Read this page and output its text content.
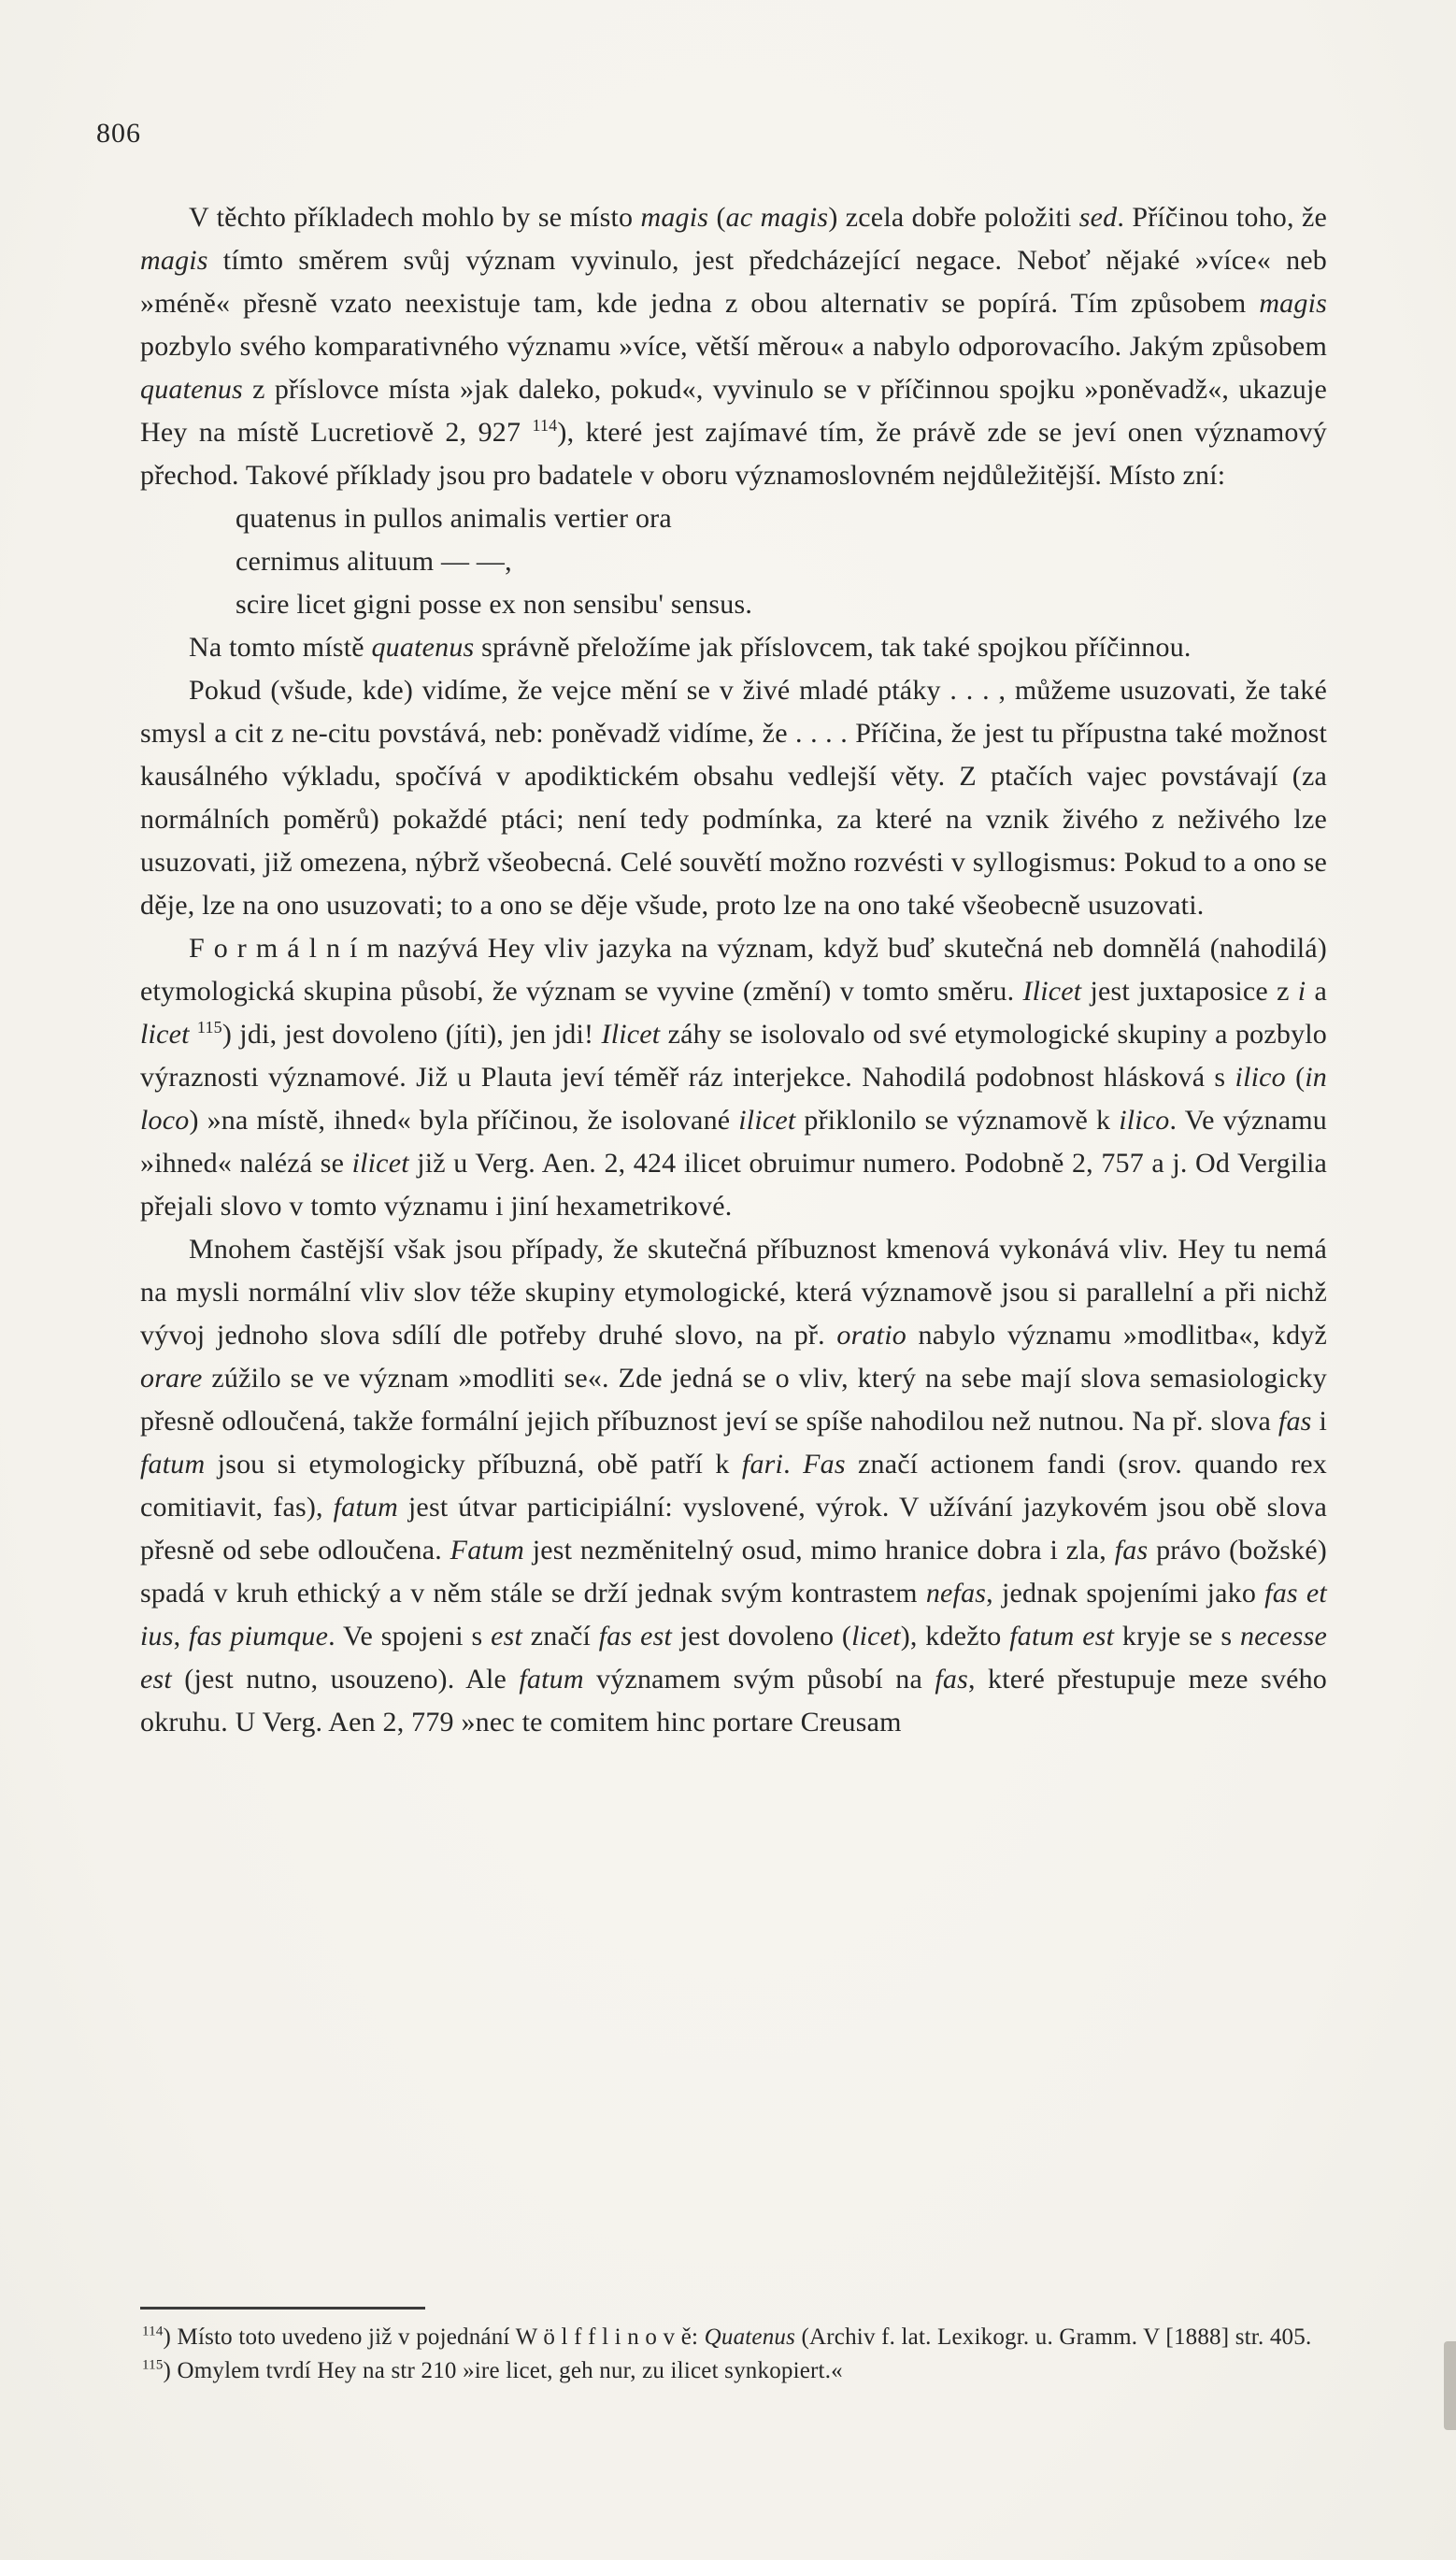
806

V těchto příkladech mohlo by se místo magis (ac magis) zcela dobře položiti sed. Příčinou toho, že magis tímto směrem svůj význam vyvinulo, jest předcházející negace. Neboť nějaké »více« neb »méně« přesně vzato neexistuje tam, kde jedna z obou alternativ se popírá. Tím způsobem magis pozbylo svého komparativného významu »více, větší měrou« a nabylo odporovacího. Jakým způsobem quatenus z příslovce místa »jak daleko, pokud«, vyvinulo se v příčinnou spojku »poněvadž«, ukazuje Hey na místě Lucretiově 2, 927 $^{114}$), které jest zajímavé tím, že právě zde se jeví onen významový přechod. Takové příklady jsou pro badatele v oboru významoslovném nejdůležitější. Místo zní:

quatenus in pullos animalis vertier ora
cernimus alituum — —,
scire licet gigni posse ex non sensibu' sensus.

Na tomto místě quatenus správně přeložíme jak příslovcem, tak také spojkou příčinnou.

Pokud (všude, kde) vidíme, že vejce mění se v živé mladé ptáky . . . , můžeme usuzovati, že také smysl a cit z ne-citu povstává, neb: poněvadž vidíme, že . . . . Příčina, že jest tu přípustna také možnost kausálného výkladu, spočívá v apodiktickém obsahu vedlejší věty. Z ptačích vajec povstávají (za normálních poměrů) pokaždé ptáci; není tedy podmínka, za které na vznik živého z neživého lze usuzovati, již omezena, nýbrž všeobecná. Celé souvětí možno rozvésti v syllogismus: Pokud to a ono se děje, lze na ono usuzovati; to a ono se děje všude, proto lze na ono také všeobecně usuzovati.

F o r m á l n í m nazývá Hey vliv jazyka na význam, když buď skutečná neb domnělá (nahodilá) etymologická skupina působí, že význam se vyvine (změní) v tomto směru. Ilicet jest juxtaposice z i a licet $^{115}$) jdi, jest dovoleno (jíti), jen jdi! Ilicet záhy se isolovalo od své etymologické skupiny a pozbylo výraznosti významové. Již u Plauta jeví téměř ráz interjekce. Nahodilá podobnost hlásková s ilico (in loco) »na místě, ihned« byla příčinou, že isolované ilicet přiklonilo se významově k ilico. Ve významu »ihned« nalézá se ilicet již u Verg. Aen. 2, 424 ilicet obruimur numero. Podobně 2, 757 a j. Od Vergilia přejali slovo v tomto významu i jiní hexametrikové.

Mnohem častější však jsou případy, že skutečná příbuznost kmenová vykonává vliv. Hey tu nemá na mysli normální vliv slov téže skupiny etymologické, která významově jsou si parallelní a při nichž vývoj jednoho slova sdílí dle potřeby druhé slovo, na př. oratio nabylo významu »modlitba«, když orare zúžilo se ve význam »modliti se«. Zde jedná se o vliv, který na sebe mají slova semasiologicky přesně odloučená, takže formální jejich příbuznost jeví se spíše nahodilou než nutnou. Na př. slova fas i fatum jsou si etymologicky příbuzná, obě patří k fari. Fas značí actionem fandi (srov. quando rex comitiavit, fas), fatum jest útvar participiální: vyslovené, výrok. V užívání jazykovém jsou obě slova přesně od sebe odloučena. Fatum jest nezměnitelný osud, mimo hranice dobra i zla, fas právo (božské) spadá v kruh ethický a v něm stále se drží jednak svým kontrastem nefas, jednak spojeními jako fas et ius, fas piumque. Ve spojeni s est značí fas est jest dovoleno (licet), kdežto fatum est kryje se s necesse est (jest nutno, usouzeno). Ale fatum významem svým působí na fas, které přestupuje meze svého okruhu. U Verg. Aen 2, 779 »nec te comitem hinc portare Creusam

$^{114}$) Místo toto uvedeno již v pojednání W ö l f f l i n o v ě: Quatenus (Archiv f. lat. Lexikogr. u. Gramm. V [1888] str. 405.

$^{115}$) Omylem tvrdí Hey na str 210 »ire licet, geh nur, zu ilicet synkopiert.«
